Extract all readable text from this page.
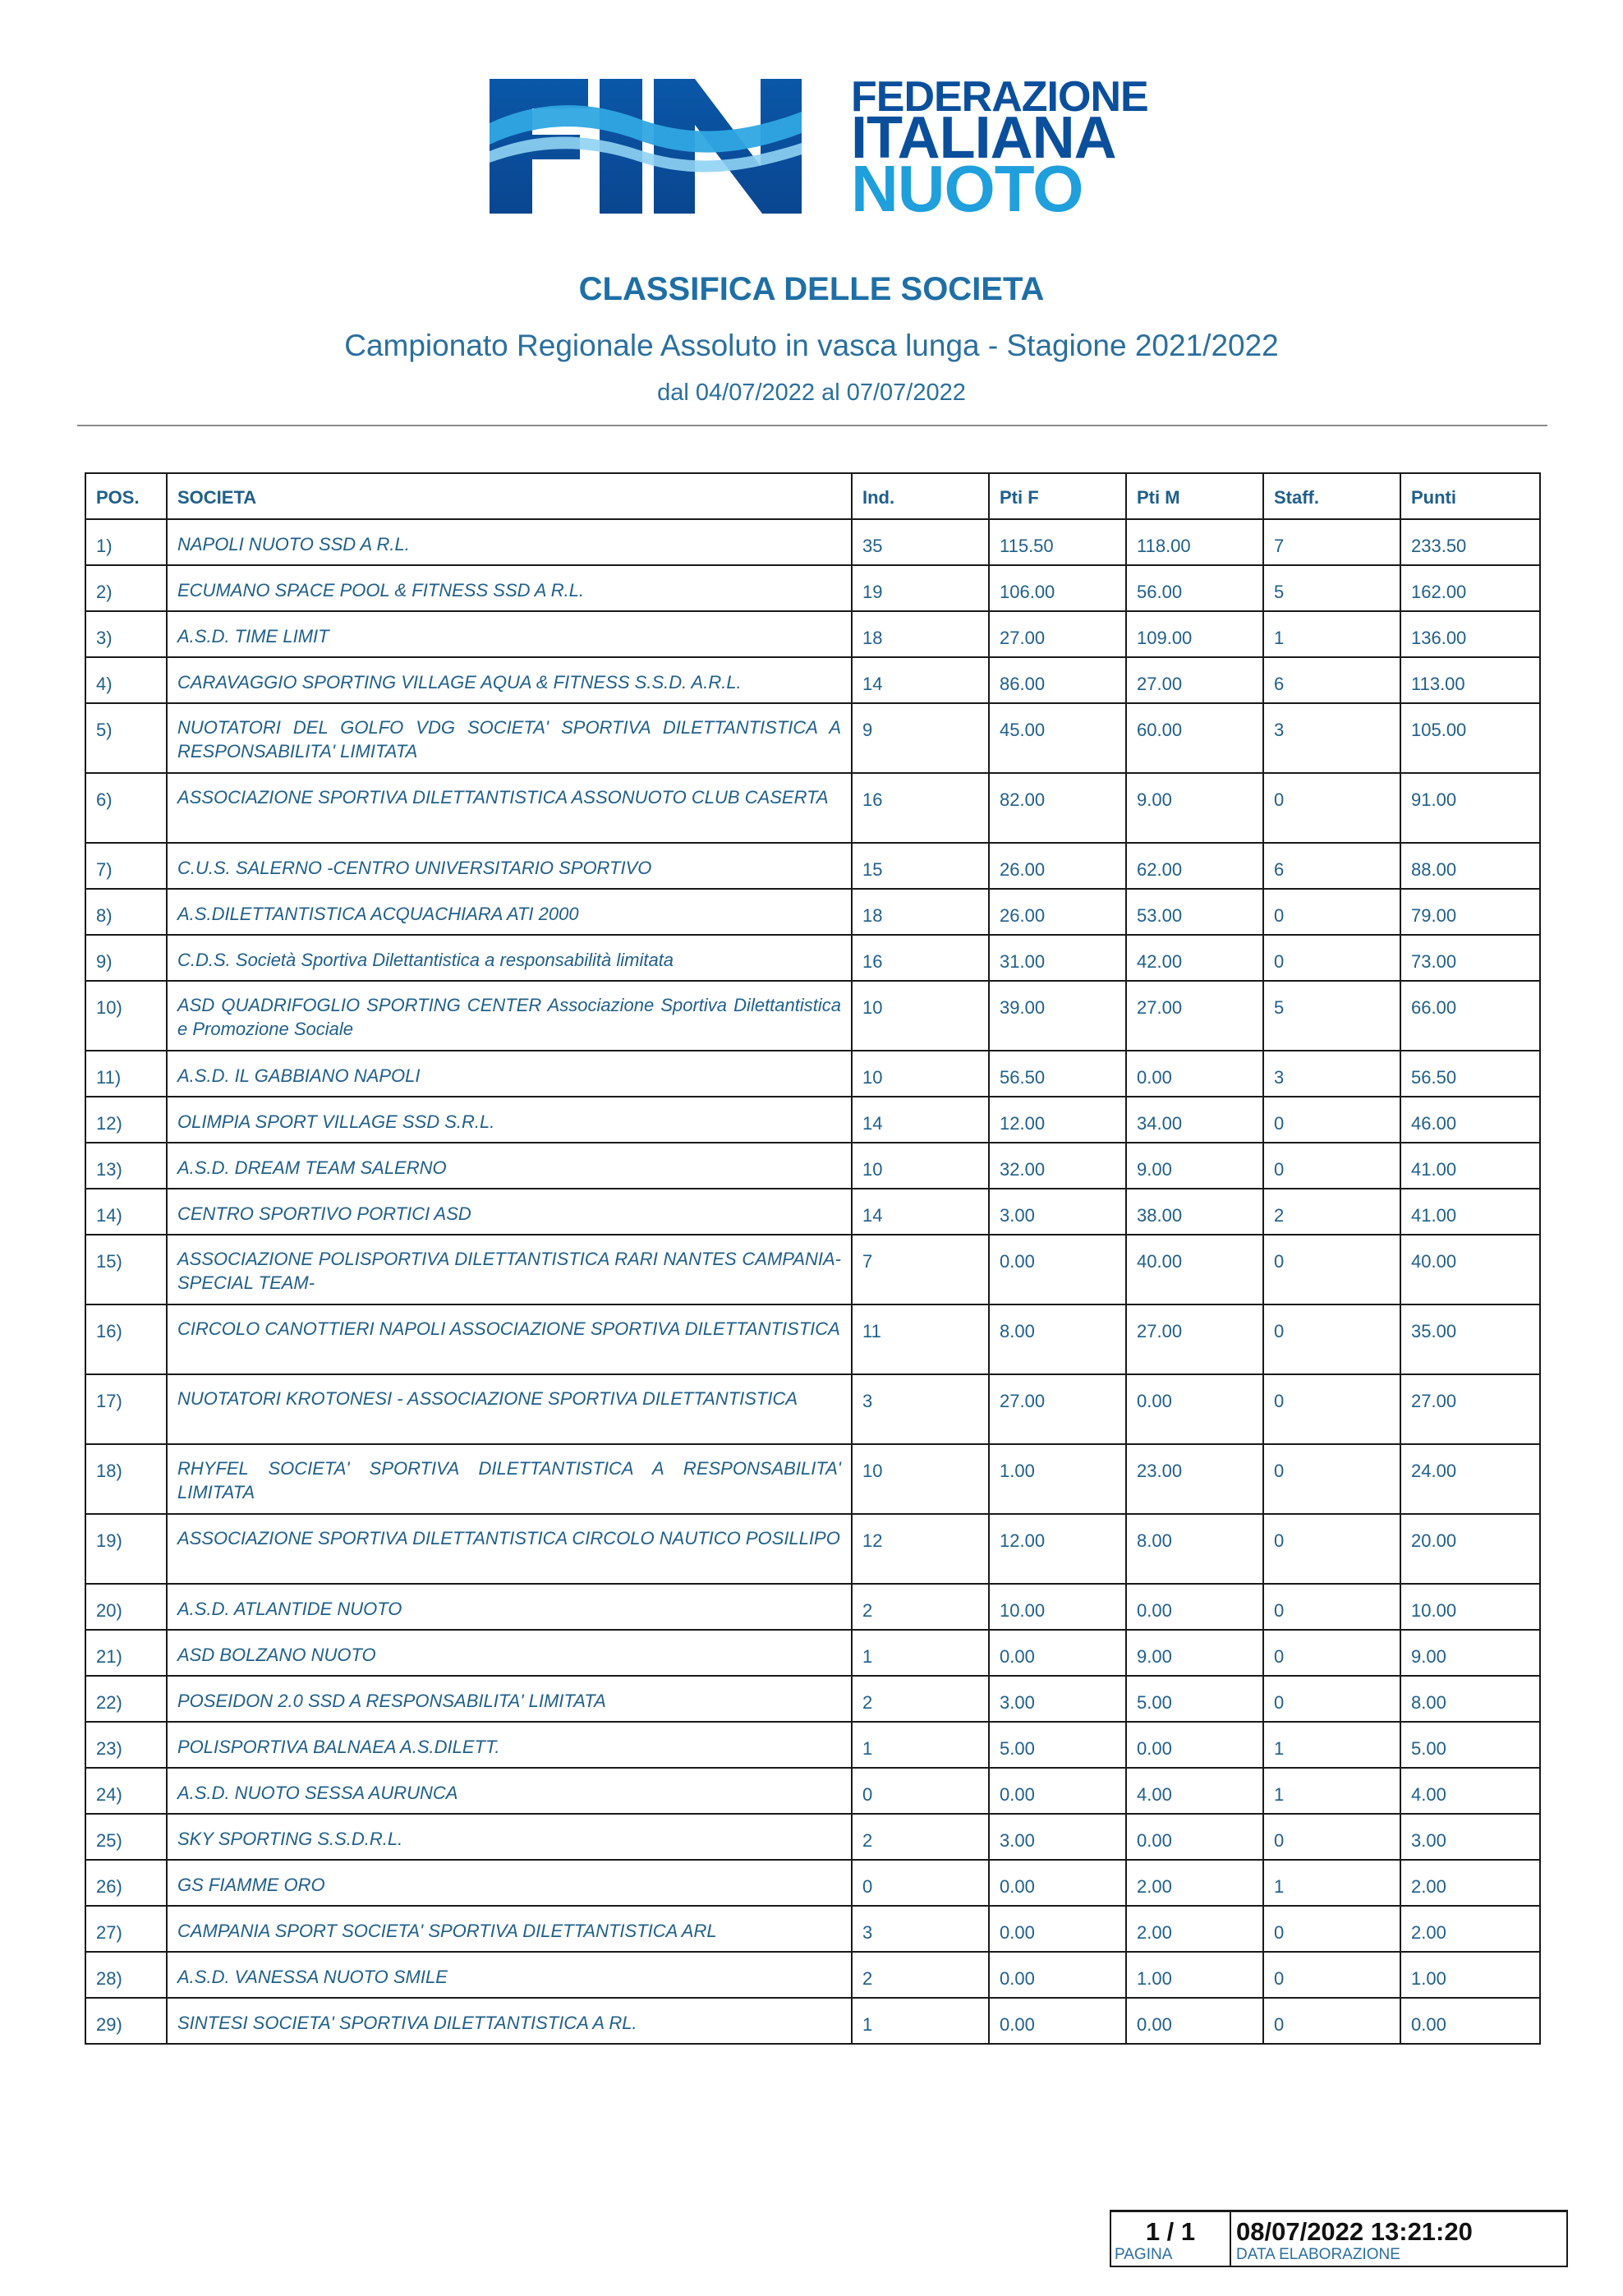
FEDERAZIONE
ITALIANA
NUOTO
CLASSIFICA DELLE SOCIETA
Campionato Regionale Assoluto in vasca lunga - Stagione 2021/2022
dal 04/07/2022 al 07/07/2022
POS.	SOCIETA	Ind.	Pti F	Pti M	Staff.	Punti
1)	NAPOLI NUOTO SSD A R.L.	35	115.50	118.00	7	233.50
2)	ECUMANO SPACE POOL & FITNESS SSD A R.L.	19	106.00	56.00	5	162.00
3)	A.S.D. TIME LIMIT	18	27.00	109.00	1	136.00
4)	CARAVAGGIO SPORTING VILLAGE AQUA & FITNESS S.S.D. A.R.L.	14	86.00	27.00	6	113.00
5)	NUOTATORI DEL GOLFO VDG SOCIETA' SPORTIVA DILETTANTISTICA A RESPONSABILITA' LIMITATA	9	45.00	60.00	3	105.00
6)	ASSOCIAZIONE SPORTIVA DILETTANTISTICA ASSONUOTO CLUB CASERTA	16	82.00	9.00	0	91.00
7)	C.U.S. SALERNO -CENTRO UNIVERSITARIO SPORTIVO	15	26.00	62.00	6	88.00
8)	A.S.DILETTANTISTICA ACQUACHIARA ATI 2000	18	26.00	53.00	0	79.00
9)	C.D.S. Società Sportiva Dilettantistica a responsabilità limitata	16	31.00	42.00	0	73.00
10)	ASD QUADRIFOGLIO SPORTING CENTER Associazione Sportiva Dilettantistica e Promozione Sociale	10	39.00	27.00	5	66.00
11)	A.S.D. IL GABBIANO NAPOLI	10	56.50	0.00	3	56.50
12)	OLIMPIA SPORT VILLAGE SSD S.R.L.	14	12.00	34.00	0	46.00
13)	A.S.D. DREAM TEAM SALERNO	10	32.00	9.00	0	41.00
14)	CENTRO SPORTIVO PORTICI ASD	14	3.00	38.00	2	41.00
15)	ASSOCIAZIONE POLISPORTIVA DILETTANTISTICA RARI NANTES CAMPANIA-SPECIAL TEAM-	7	0.00	40.00	0	40.00
16)	CIRCOLO CANOTTIERI NAPOLI ASSOCIAZIONE SPORTIVA DILETTANTISTICA	11	8.00	27.00	0	35.00
17)	NUOTATORI KROTONESI - ASSOCIAZIONE SPORTIVA DILETTANTISTICA	3	27.00	0.00	0	27.00
18)	RHYFEL SOCIETA' SPORTIVA DILETTANTISTICA A RESPONSABILITA' LIMITATA	10	1.00	23.00	0	24.00
19)	ASSOCIAZIONE SPORTIVA DILETTANTISTICA CIRCOLO NAUTICO POSILLIPO	12	12.00	8.00	0	20.00
20)	A.S.D. ATLANTIDE NUOTO	2	10.00	0.00	0	10.00
21)	ASD BOLZANO NUOTO	1	0.00	9.00	0	9.00
22)	POSEIDON 2.0 SSD A RESPONSABILITA' LIMITATA	2	3.00	5.00	0	8.00
23)	POLISPORTIVA BALNAEA A.S.DILETT.	1	5.00	0.00	1	5.00
24)	A.S.D. NUOTO SESSA AURUNCA	0	0.00	4.00	1	4.00
25)	SKY SPORTING S.S.D.R.L.	2	3.00	0.00	0	3.00
26)	GS FIAMME ORO	0	0.00	2.00	1	2.00
27)	CAMPANIA SPORT SOCIETA' SPORTIVA DILETTANTISTICA ARL	3	0.00	2.00	0	2.00
28)	A.S.D. VANESSA NUOTO SMILE	2	0.00	1.00	0	1.00
29)	SINTESI SOCIETA' SPORTIVA DILETTANTISTICA A RL.	1	0.00	0.00	0	0.00
1 / 1
PAGINA
08/07/2022 13:21:20
DATA ELABORAZIONE
